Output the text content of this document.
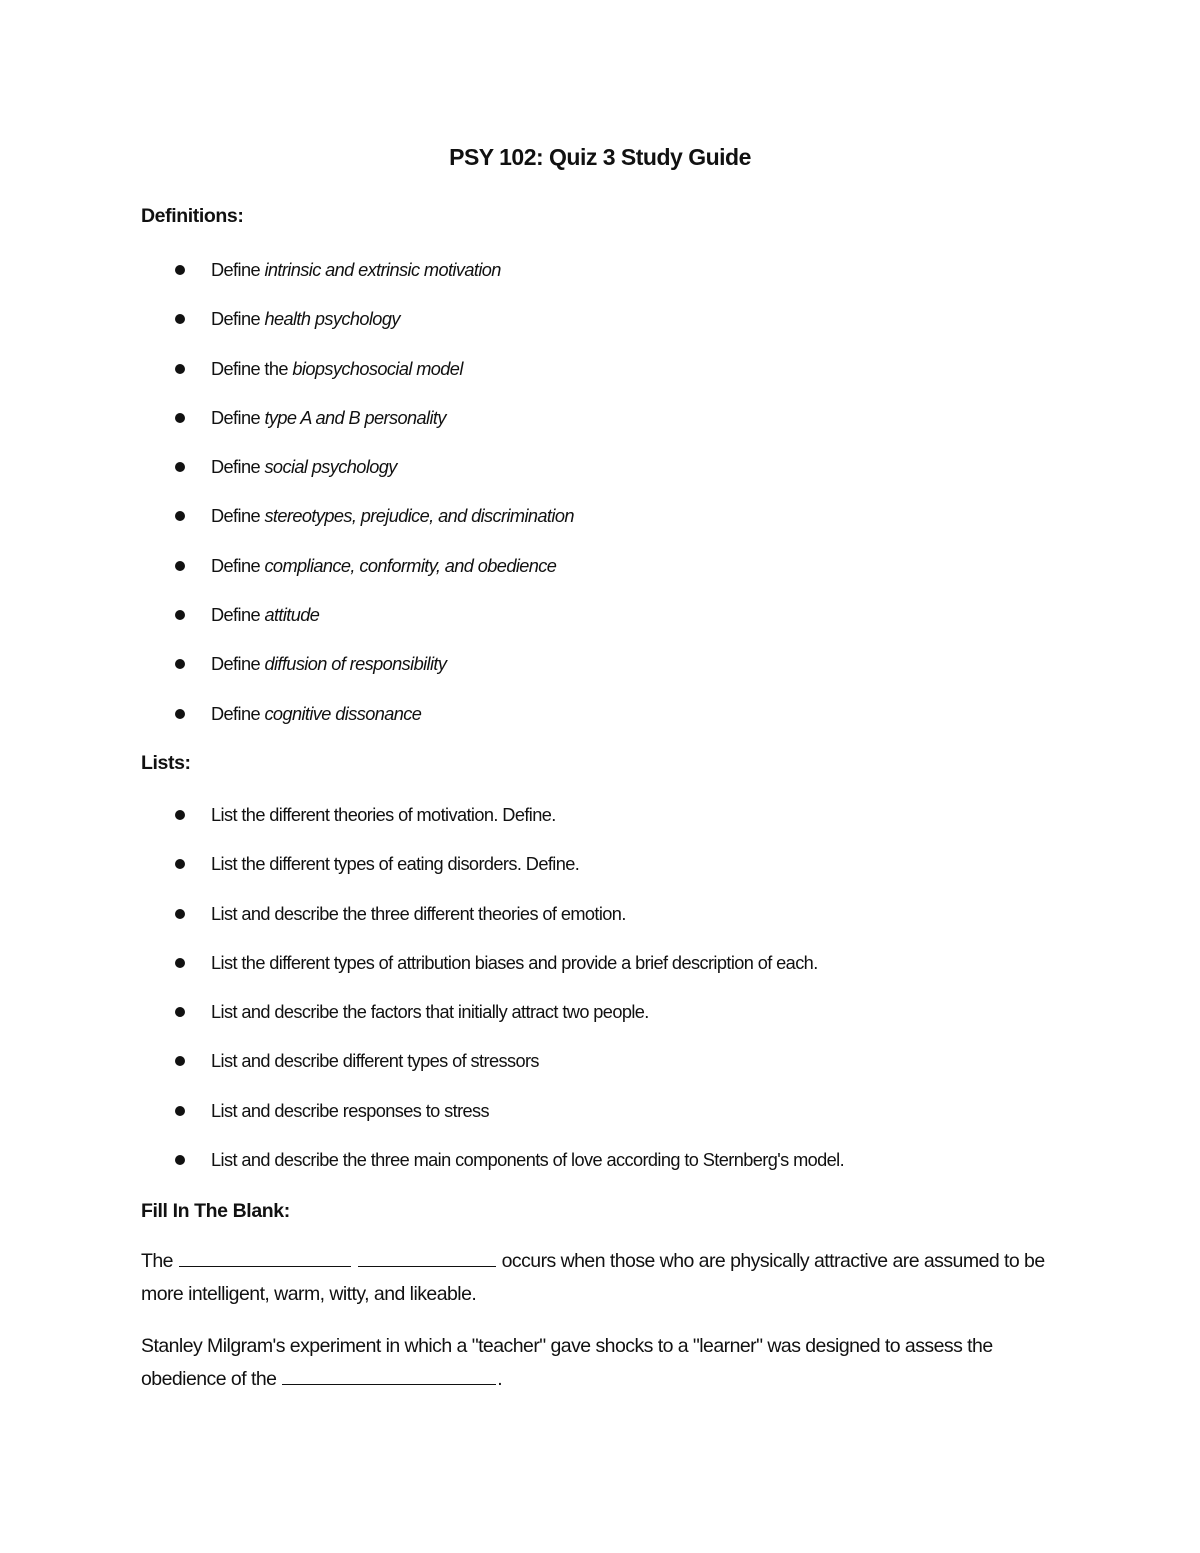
PSY 102: Quiz 3 Study Guide
Definitions:
Define intrinsic and extrinsic motivation
Define health psychology
Define the biopsychosocial model
Define type A and B personality
Define social psychology
Define stereotypes, prejudice, and discrimination
Define compliance, conformity, and obedience
Define attitude
Define diffusion of responsibility
Define cognitive dissonance
Lists:
List the different theories of motivation. Define.
List the different types of eating disorders. Define.
List and describe the three different theories of emotion.
List the different types of attribution biases and provide a brief description of each.
List and describe the factors that initially attract two people.
List and describe different types of stressors
List and describe responses to stress
List and describe the three main components of love according to Sternberg's model.
Fill In The Blank:
The	occurs when those who are physically attractive are assumed to be more intelligent, warm, witty, and likeable.
Stanley Milgram's experiment in which a "teacher" gave shocks to a "learner" was designed to assess the obedience of the	.
